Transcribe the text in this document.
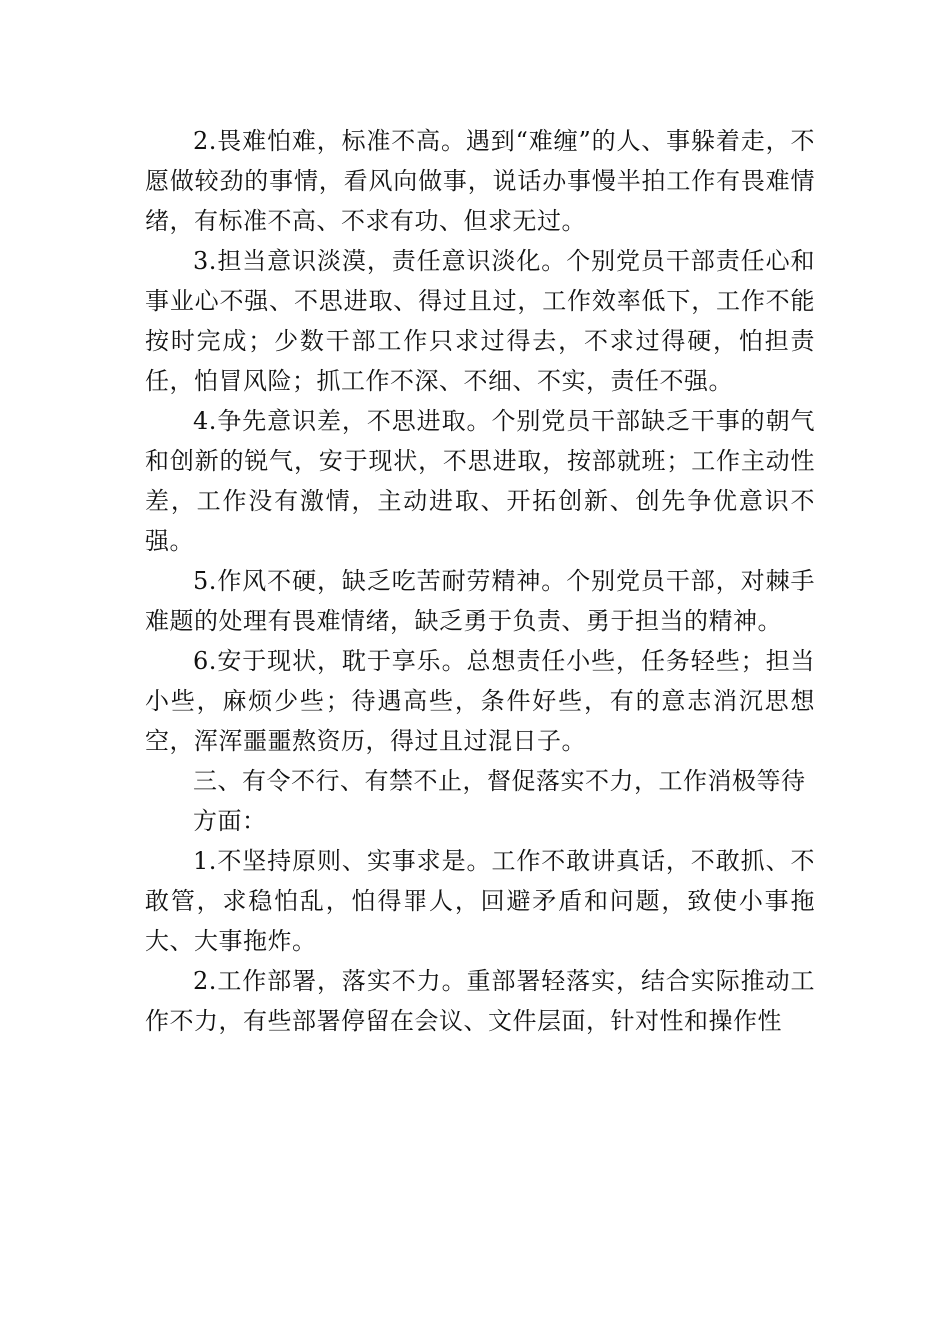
2.畏难怕难，标准不高。遇到“难缠”的人、事躲着走，不愿做较劲的事情，看风向做事，说话办事慢半拍工作有畏难情绪，有标准不高、不求有功、但求无过。

3.担当意识淡漠，责任意识淡化。个别党员干部责任心和事业心不强、不思进取、得过且过，工作效率低下，工作不能按时完成；少数干部工作只求过得去，不求过得硬，怕担责任，怕冒风险；抓工作不深、不细、不实，责任不强。

4.争先意识差，不思进取。个别党员干部缺乏干事的朝气和创新的锐气，安于现状，不思进取，按部就班；工作主动性差，工作没有激情，主动进取、开拓创新、创先争优意识不强。

5.作风不硬，缺乏吃苦耐劳精神。个别党员干部，对棘手难题的处理有畏难情绪，缺乏勇于负责、勇于担当的精神。

6.安于现状，耽于享乐。总想责任小些，任务轻些；担当小些，麻烦少些；待遇高些，条件好些，有的意志消沉思想空，浑浑噩噩熬资历，得过且过混日子。

三、有令不行、有禁不止，督促落实不力，工作消极等待

方面：

1.不坚持原则、实事求是。工作不敢讲真话，不敢抓、不敢管，求稳怕乱，怕得罪人，回避矛盾和问题，致使小事拖大、大事拖炸。

2.工作部署，落实不力。重部署轻落实，结合实际推动工作不力，有些部署停留在会议、文件层面，针对性和操作性
